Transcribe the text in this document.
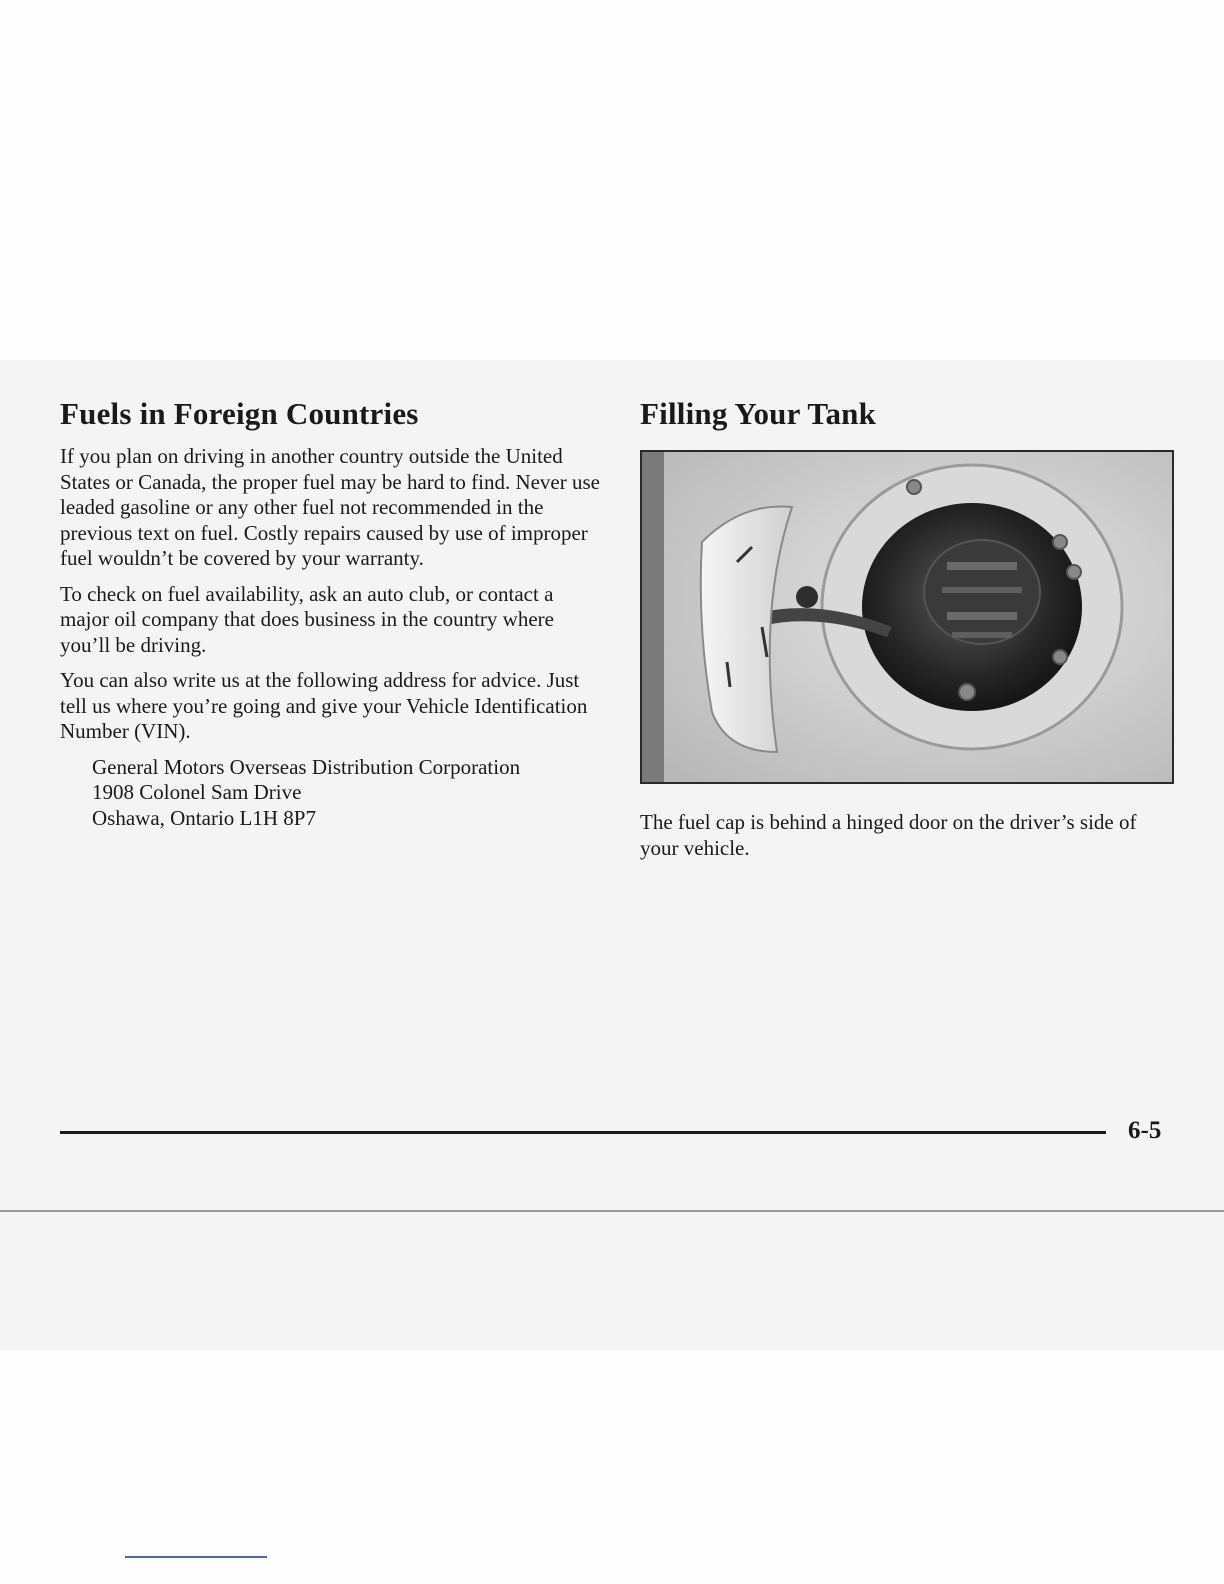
Fuels in Foreign Countries

If you plan on driving in another country outside the United States or Canada, the proper fuel may be hard to find. Never use leaded gasoline or any other fuel not recommended in the previous text on fuel. Costly repairs caused by use of improper fuel wouldn’t be covered by your warranty.

To check on fuel availability, ask an auto club, or contact a major oil company that does business in the country where you’ll be driving.

You can also write us at the following address for advice. Just tell us where you’re going and give your Vehicle Identification Number (VIN).

General Motors Overseas Distribution Corporation
1908 Colonel Sam Drive
Oshawa, Ontario L1H 8P7
Filling Your Tank

The fuel cap is behind a hinged door on the driver’s side of your vehicle.

6-5
